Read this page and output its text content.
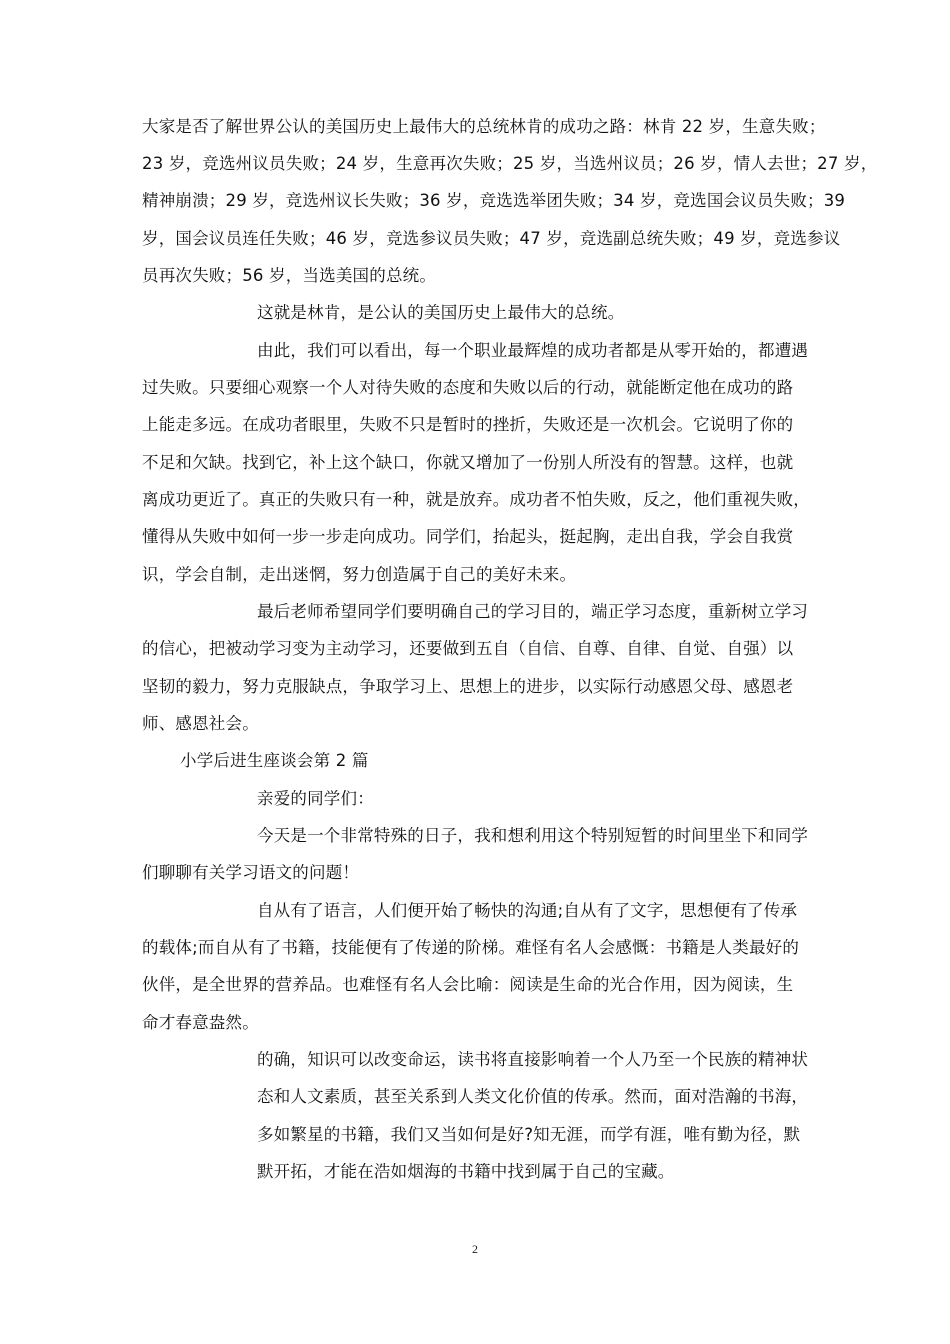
大家是否了解世界公认的美国历史上最伟大的总统林肯的成功之路：林肯 22 岁，生意失败；
23 岁，竞选州议员失败；24 岁，生意再次失败；25 岁，当选州议员；26 岁，情人去世；27 岁，
精神崩溃；29 岁，竞选州议长失败；36 岁，竞选选举团失败；34 岁，竞选国会议员失败；39
岁，国会议员连任失败；46 岁，竞选参议员失败；47 岁，竞选副总统失败；49 岁，竞选参议
员再次失败；56 岁，当选美国的总统。
这就是林肯，是公认的美国历史上最伟大的总统。
由此，我们可以看出，每一个职业最辉煌的成功者都是从零开始的，都遭遇
过失败。只要细心观察一个人对待失败的态度和失败以后的行动，就能断定他在成功的路
上能走多远。在成功者眼里，失败不只是暂时的挫折，失败还是一次机会。它说明了你的
不足和欠缺。找到它，补上这个缺口，你就又增加了一份别人所没有的智慧。这样，也就
离成功更近了。真正的失败只有一种，就是放弃。成功者不怕失败，反之，他们重视失败，
懂得从失败中如何一步一步走向成功。同学们，抬起头，挺起胸，走出自我，学会自我赏
识，学会自制，走出迷惘，努力创造属于自己的美好未来。
最后老师希望同学们要明确自己的学习目的，端正学习态度，重新树立学习
的信心，把被动学习变为主动学习，还要做到五自（自信、自尊、自律、自觉、自强）以
坚韧的毅力，努力克服缺点，争取学习上、思想上的进步，以实际行动感恩父母、感恩老
师、感恩社会。
小学后进生座谈会第 2 篇
亲爱的同学们：
今天是一个非常特殊的日子，我和想利用这个特别短暂的时间里坐下和同学
们聊聊有关学习语文的问题！
自从有了语言，人们便开始了畅快的沟通;自从有了文字，思想便有了传承
的载体;而自从有了书籍，技能便有了传递的阶梯。难怪有名人会感慨：书籍是人类最好的
伙伴，是全世界的营养品。也难怪有名人会比喻：阅读是生命的光合作用，因为阅读，生
命才春意盎然。
的确，知识可以改变命运，读书将直接影响着一个人乃至一个民族的精神状
态和人文素质，甚至关系到人类文化价值的传承。然而，面对浩瀚的书海，
多如繁星的书籍，我们又当如何是好?知无涯，而学有涯，唯有勤为径，默
默开拓，才能在浩如烟海的书籍中找到属于自己的宝藏。
2
